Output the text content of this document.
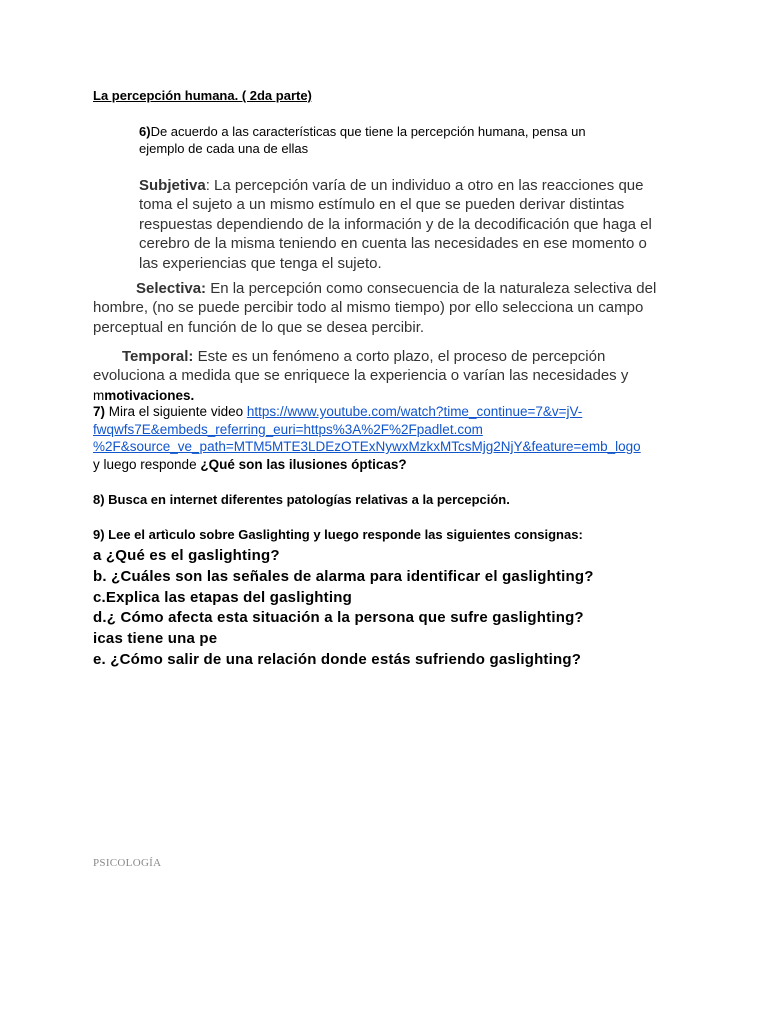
La percepción humana. ( 2da parte)
6)De acuerdo a las características que tiene la percepción humana, pensa un
ejemplo de cada una de ellas
Subjetiva: La percepción varía de un individuo a otro en las reacciones que
toma el sujeto a un mismo estímulo en el que se pueden derivar distintas
respuestas dependiendo de la información y de la decodificación que haga el
cerebro de la misma teniendo en cuenta las necesidades en ese momento o
las experiencias que tenga el sujeto.
Selectiva: En la percepción como consecuencia de la naturaleza selectiva del
hombre, (no se puede percibir todo al mismo tiempo) por ello selecciona un campo
perceptual en función de lo que se desea percibir.
Temporal: Este es un fenómeno a corto plazo, el proceso de percepción
evoluciona a medida que se enriquece la experiencia o varían las necesidades y
mmotivaciones.
7) Mira el siguiente video https://www.youtube.com/watch?time_continue=7&v=jV-
fwqwfs7E&embeds_referring_euri=https%3A%2F%2Fpadlet.com
%2F&source_ve_path=MTM5MTE3LDEzOTExNywxMzkxMTcsMjg2NjY&feature=emb_logo
y luego responde ¿Qué son las ilusiones ópticas?
8) Busca en internet diferentes patologías relativas a la percepción.
9) Lee el artìculo sobre Gaslighting y luego responde las siguientes consignas:
a ¿Qué es el gaslighting?
b. ¿Cuáles son las señales de alarma para identificar el gaslighting?
c.Explica las etapas del gaslighting
d.¿ Cómo afecta esta situación a la persona que sufre gaslighting?
icas tiene una pe
e. ¿Cómo salir de una relación donde estás sufriendo gaslighting?
PSICOLOGÍA
